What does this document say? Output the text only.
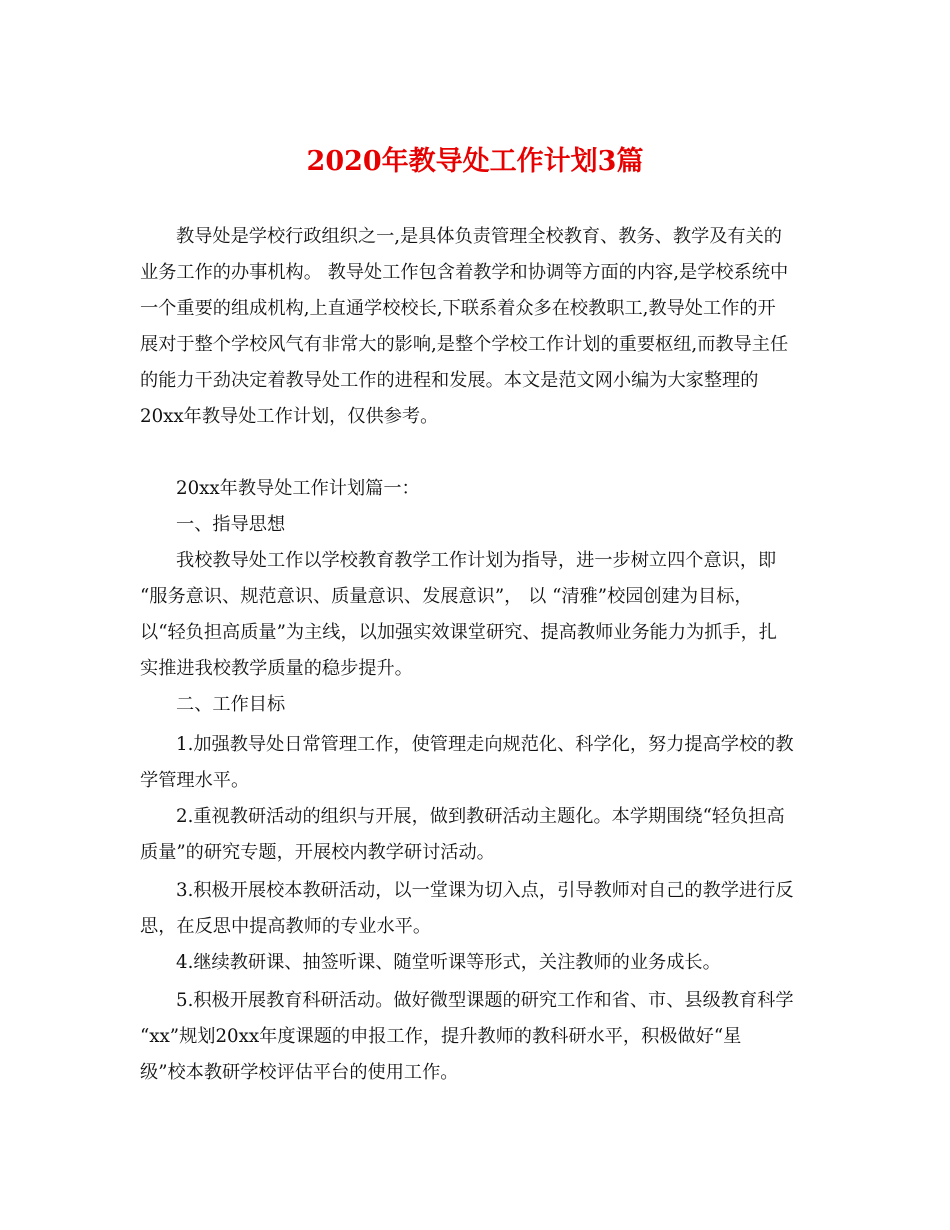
2020年教导处工作计划3篇
教导处是学校行政组织之一,是具体负责管理全校教育、教务、教学及有关的
业务工作的办事机构。 教导处工作包含着教学和协调等方面的内容,是学校系统中
一个重要的组成机构,上直通学校校长,下联系着众多在校教职工,教导处工作的开
展对于整个学校风气有非常大的影响,是整个学校工作计划的重要枢纽,而教导主任
的能力干劲决定着教导处工作的进程和发展。本文是范文网小编为大家整理的
20xx年教导处工作计划，仅供参考。
20xx年教导处工作计划篇一：
一、指导思想
我校教导处工作以学校教育教学工作计划为指导，进一步树立四个意识，即
“服务意识、规范意识、质量意识、发展意识”， 以 “清雅”校园创建为目标，
以“轻负担高质量”为主线，以加强实效课堂研究、提高教师业务能力为抓手，扎
实推进我校教学质量的稳步提升。
二、工作目标
1.加强教导处日常管理工作，使管理走向规范化、科学化，努力提高学校的教
学管理水平。
2.重视教研活动的组织与开展，做到教研活动主题化。本学期围绕“轻负担高
质量”的研究专题，开展校内教学研讨活动。
3.积极开展校本教研活动，以一堂课为切入点，引导教师对自己的教学进行反
思，在反思中提高教师的专业水平。
4.继续教研课、抽签听课、随堂听课等形式，关注教师的业务成长。
5.积极开展教育科研活动。做好微型课题的研究工作和省、市、县级教育科学
“xx”规划20xx年度课题的申报工作，提升教师的教科研水平，积极做好“星
级”校本教研学校评估平台的使用工作。
